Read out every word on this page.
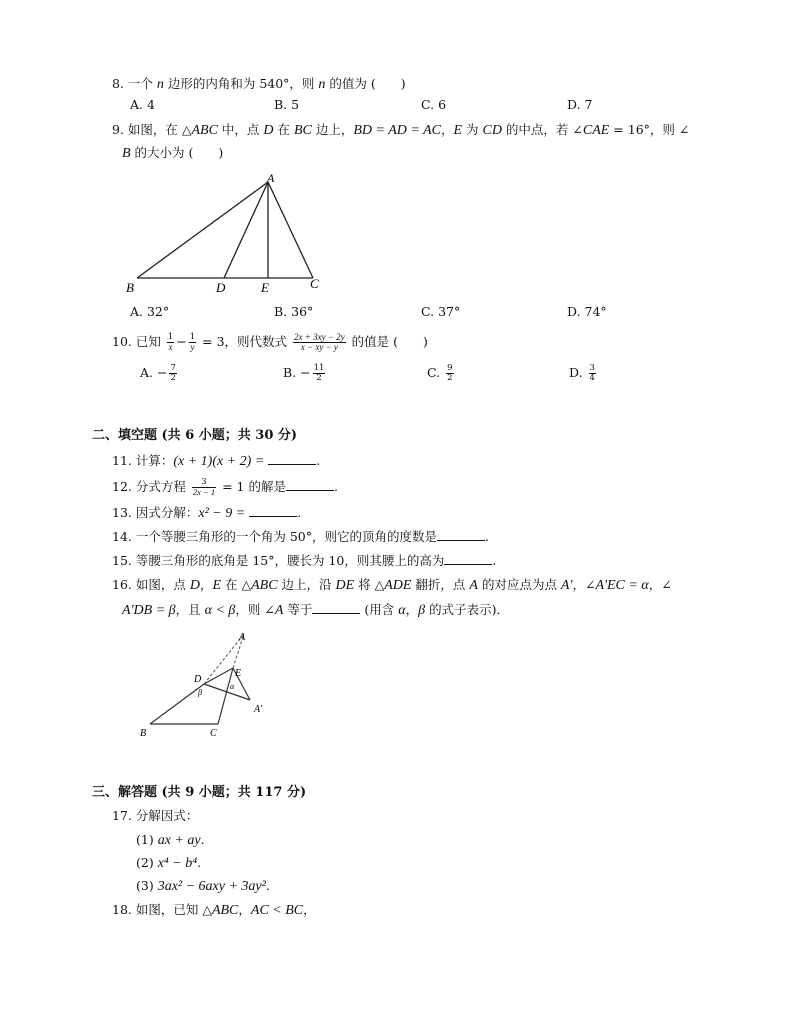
8. 一个 n 边形的内角和为 540°，则 n 的值为 (　　)
A. 4	B. 5	C. 6	D. 7
9. 如图，在 △ABC 中，点 D 在 BC 边上，BD = AD = AC，E 为 CD 的中点，若 ∠CAE = 16°，则 ∠
B 的大小为 (　　)
A
B	C
D	E
A. 32°	B. 36°	C. 37°	D. 74°
10. 已知 $\frac{1}{x} - \frac{1}{y} = 3$，则代数式 $\frac{2x + 3xy - 2y}{x - xy - y}$ 的值是 (　　)
A. − $\frac{7}{2}$	B. − $\frac{11}{2}$	C. $\frac{9}{2}$	D. $\frac{3}{4}$
二、填空题 (共 6 小题；共 30 分)
11. 计算：(x + 1)(x + 2) =	.
12. 分式方程 $\frac{3}{2x - 1} = 1$ 的解是	.
13. 因式分解：x² − 9 =	.
14. 一个等腰三角形的一个角为 50°，则它的顶角的度数是	.
15. 等腰三角形的底角是 15°，腰长为 10，则其腰上的高为	.
16. 如图，点 D，E 在 △ABC 边上，沿 DE 将 △ADE 翻折，点 A 的对应点为点 A'，∠A'EC = α，∠
A'DB = β，且 α < β，则 ∠A 等于	(用含 α，β 的式子表示)．
A
B	C
D
E
A'
α
β
三、解答题 (共 9 小题；共 117 分)
17. 分解因式：
(1) ax + ay.
(2) x⁴ − b⁴.
(3) 3ax² − 6axy + 3ay².
18. 如图，已知 △ABC，AC < BC，
